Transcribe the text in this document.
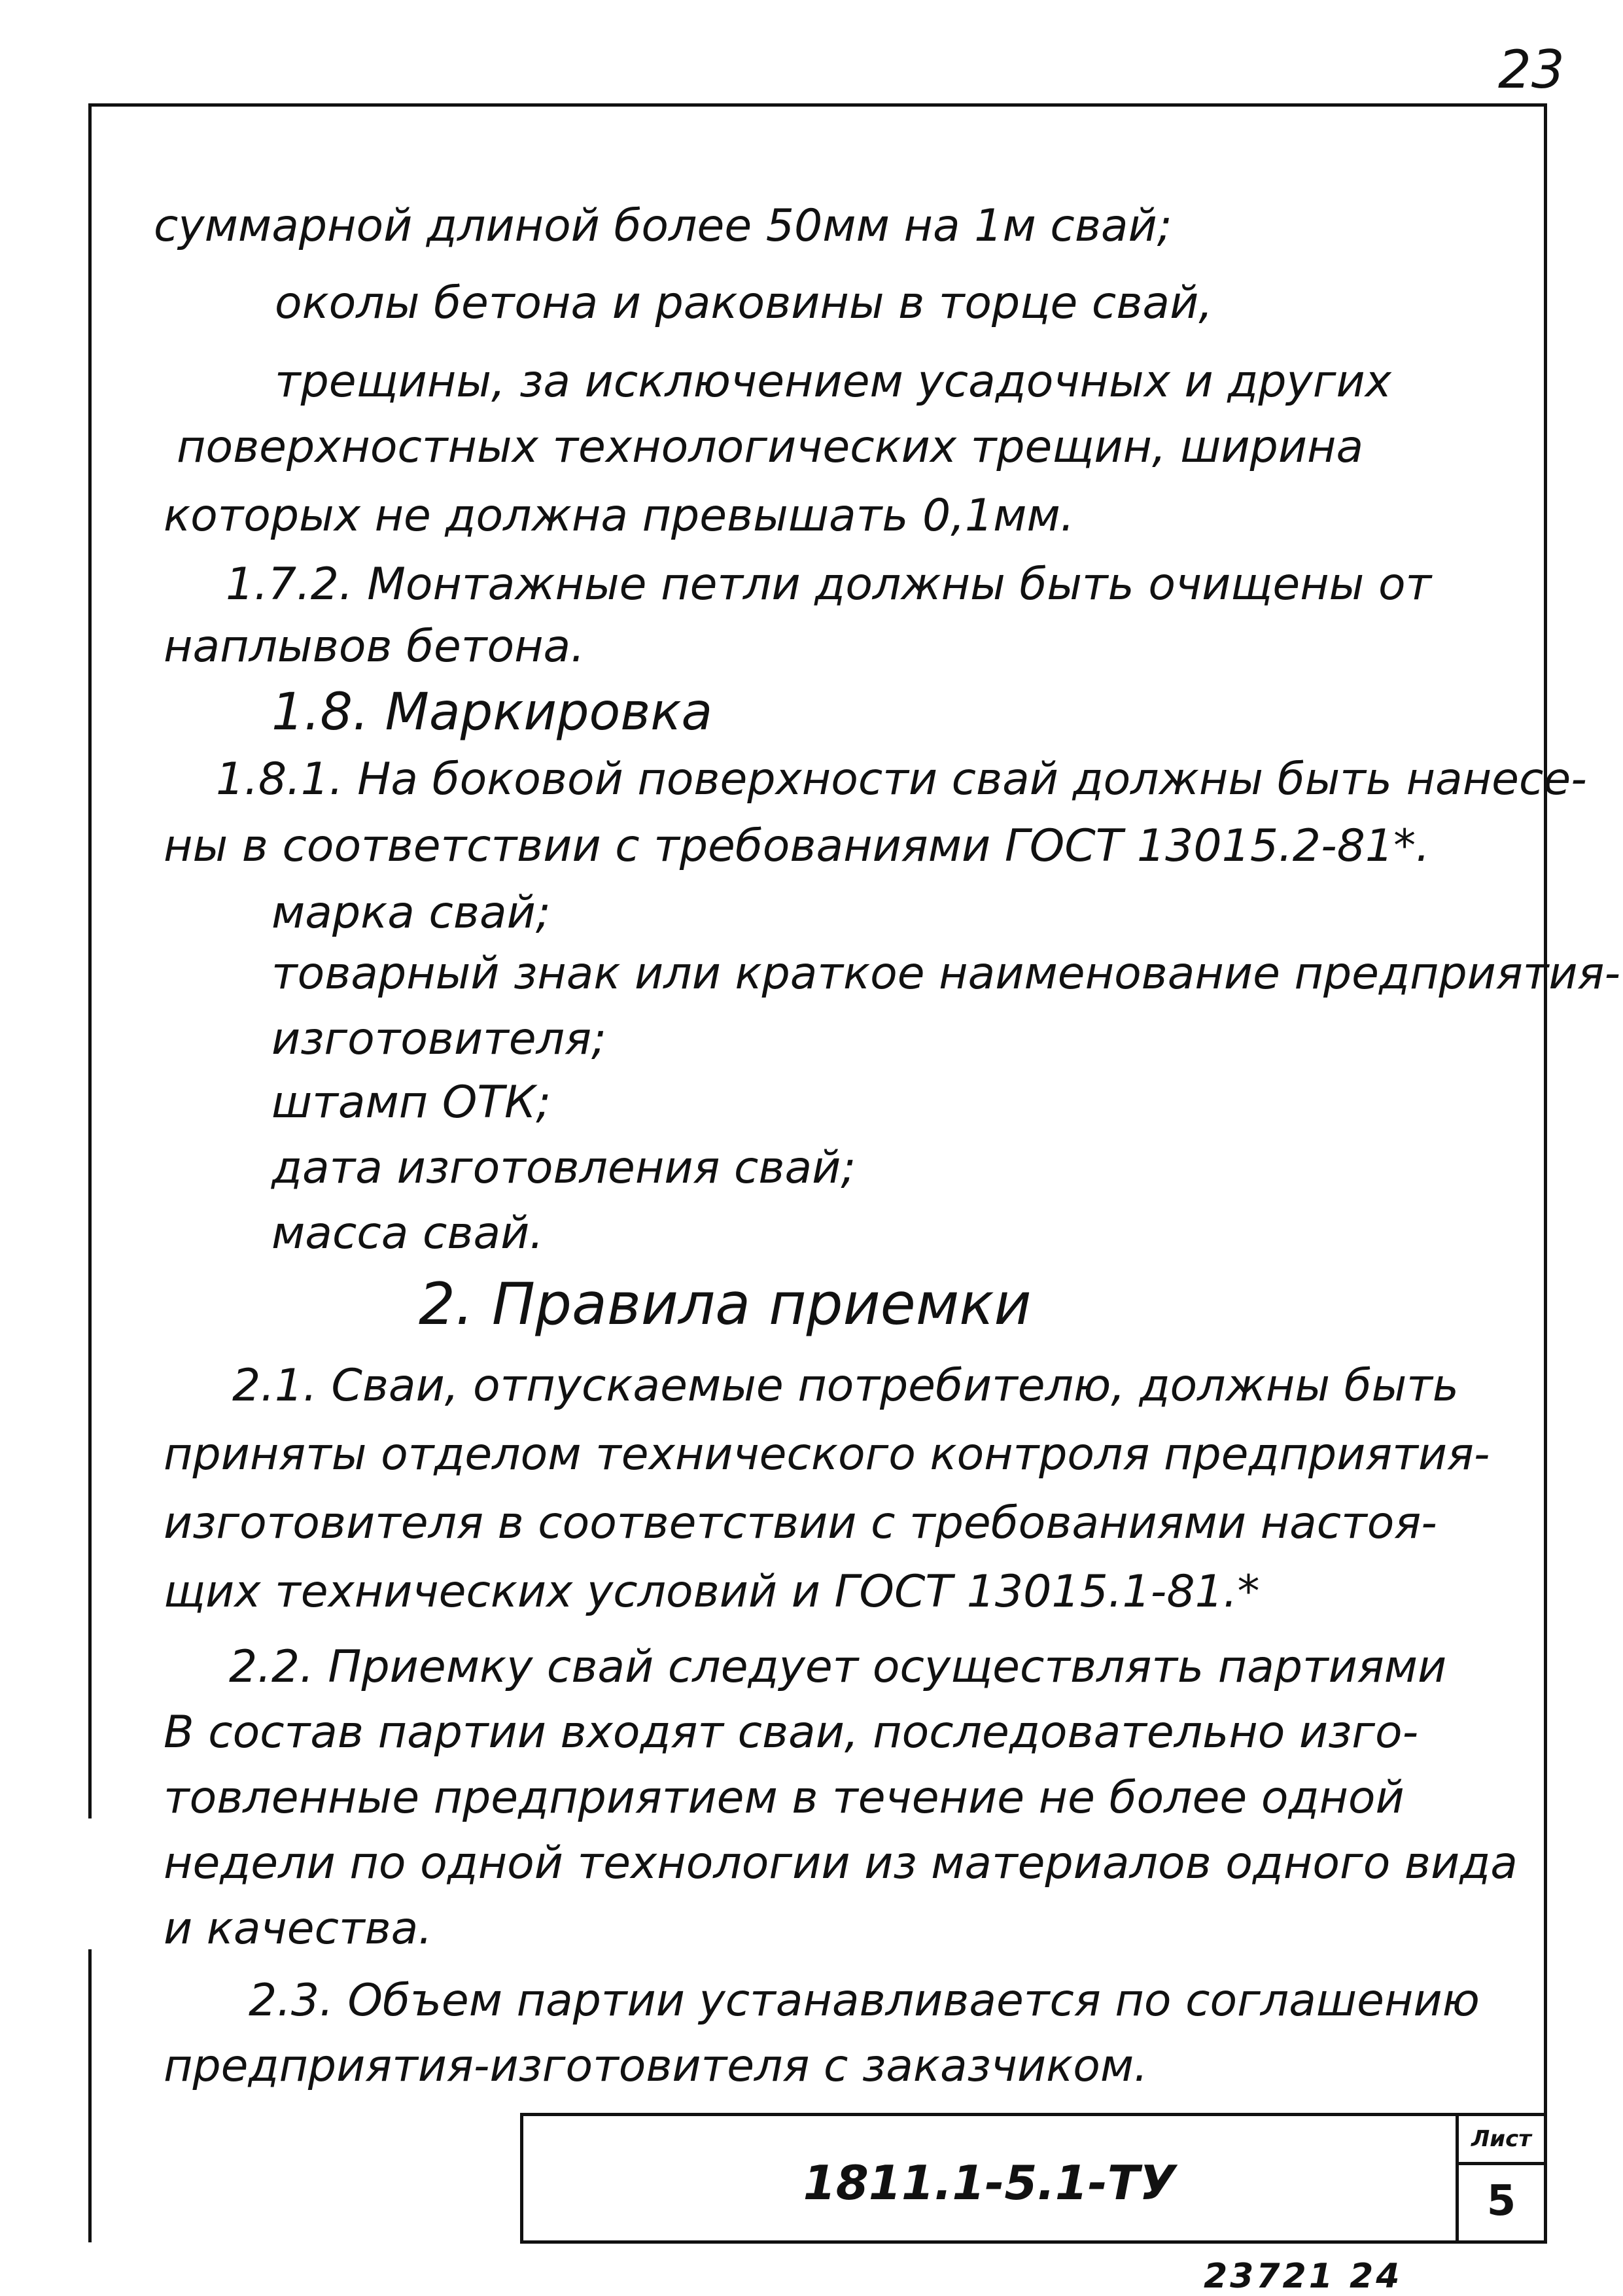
23
суммарной длиной более 50мм на 1м свай;
околы бетона и раковины в торце свай,
трещины, за исключением усадочных и других
поверхностных технологических трещин, ширина
которых не должна превышать 0,1мм.
1.7.2. Монтажные петли должны быть очищены от
наплывов бетона.
1.8. Маркировка
1.8.1. На боковой поверхности свай должны быть нанесе-
ны в соответствии с требованиями ГОСТ 13015.2-81*.
марка свай;
товарный знак или краткое наименование предприятия-
изготовителя;
штамп ОТК;
дата изготовления свай;
масса свай.
2. Правила приемки
2.1. Сваи, отпускаемые потребителю, должны быть
приняты отделом технического контроля предприятия-
изготовителя в соответствии с требованиями настоя-
щих технических условий и ГОСТ 13015.1-81.*
2.2. Приемку свай следует осуществлять партиями
В состав партии входят сваи, последовательно изго-
товленные предприятием в течение не более одной
недели по одной технологии из материалов одного вида
и качества.
2.3. Объем партии устанавливается по соглашению
предприятия-изготовителя с заказчиком.
1811.1-5.1-ТУ
Лист
5
23721 24
